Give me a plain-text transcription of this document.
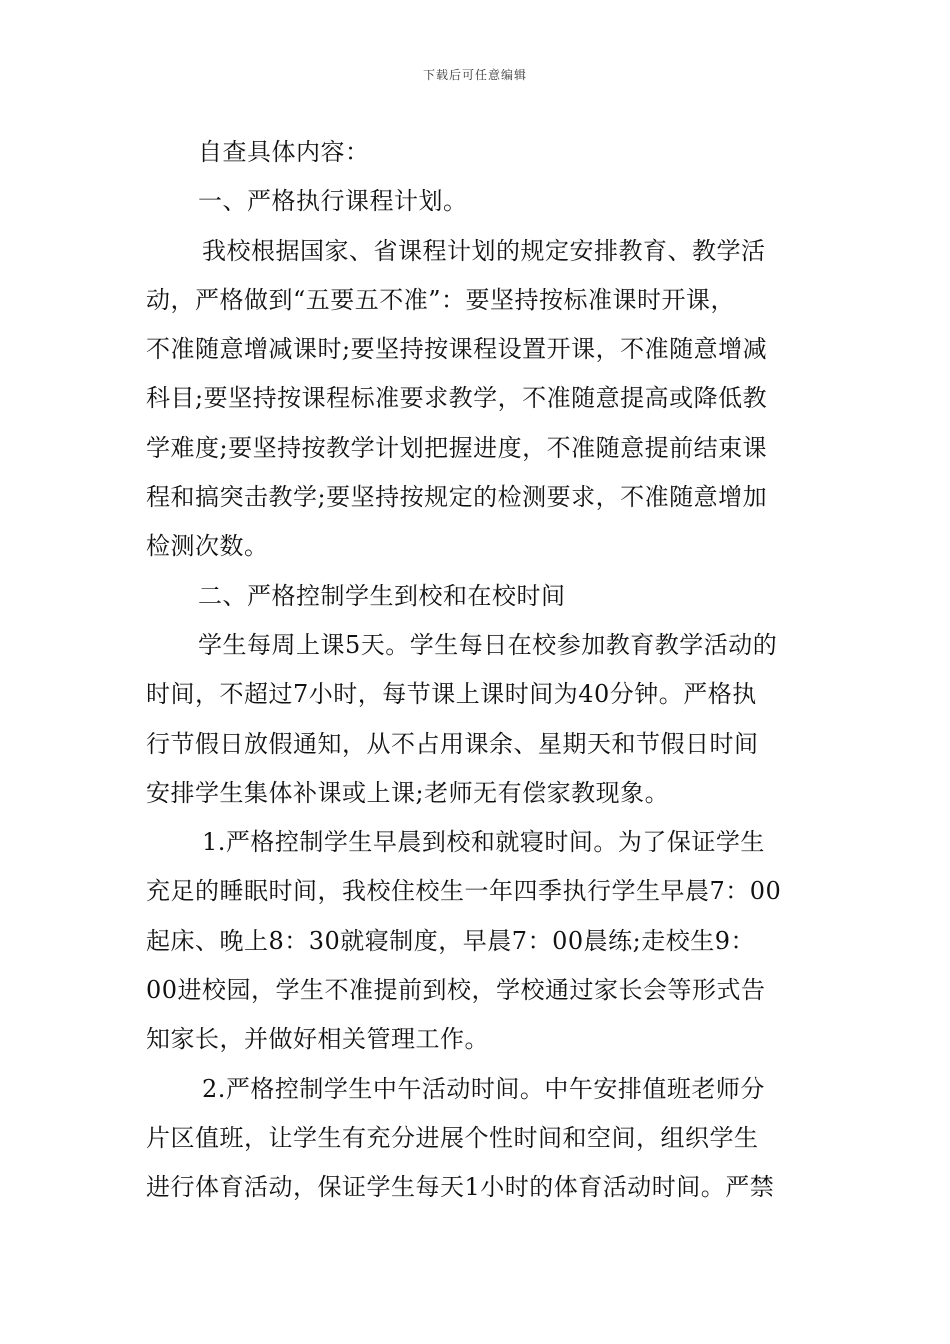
下载后可任意编辑
自查具体内容：
一、严格执行课程计划。
我校根据国家、省课程计划的规定安排教育、教学活
动，严格做到“五要五不准”：要坚持按标准课时开课，
不准随意增减课时;要坚持按课程设置开课，不准随意增减
科目;要坚持按课程标准要求教学，不准随意提高或降低教
学难度;要坚持按教学计划把握进度，不准随意提前结束课
程和搞突击教学;要坚持按规定的检测要求，不准随意增加
检测次数。
二、严格控制学生到校和在校时间
学生每周上课5天。学生每日在校参加教育教学活动的
时间，不超过7小时，每节课上课时间为40分钟。严格执
行节假日放假通知，从不占用课余、星期天和节假日时间
安排学生集体补课或上课;老师无有偿家教现象。
1.严格控制学生早晨到校和就寝时间。为了保证学生
充足的睡眠时间，我校住校生一年四季执行学生早晨7：00
起床、晚上8：30就寝制度，早晨7：00晨练;走校生9：
00进校园，学生不准提前到校，学校通过家长会等形式告
知家长，并做好相关管理工作。
2.严格控制学生中午活动时间。中午安排值班老师分
片区值班，让学生有充分进展个性时间和空间，组织学生
进行体育活动，保证学生每天1小时的体育活动时间。严禁
